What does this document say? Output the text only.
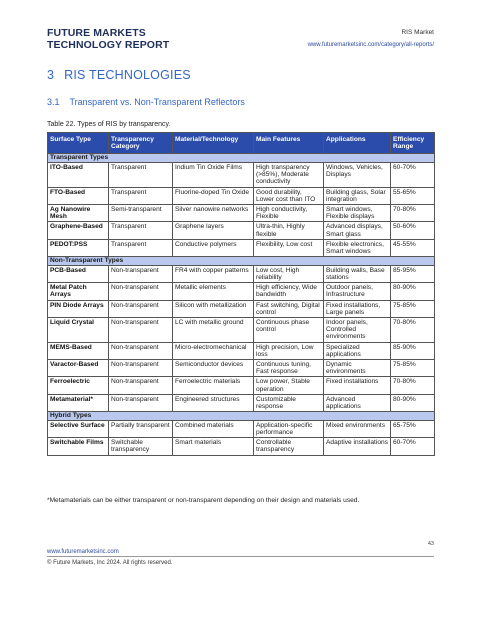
FUTURE MARKETS
TECHNOLOGY REPORT
RIS Market
www.futuremarketsinc.com/category/all-reports/
3 RIS TECHNOLOGIES
3.1 Transparent vs. Non-Transparent Reflectors
Table 22. Types of RIS by transparency.
Surface Type	Transparency Category	Material/Technology	Main Features	Applications	Efficiency Range
Transparent Types					
ITO-Based	Transparent	Indium Tin Oxide Films	High transparency (>85%), Moderate conductivity	Windows, Vehicles, Displays	60-70%
FTO-Based	Transparent	Fluorine-doped Tin Oxide	Good durability, Lower cost than ITO	Building glass, Solar integration	55-65%
Ag Nanowire Mesh	Semi-transparent	Silver nanowire networks	High conductivity, Flexible	Smart windows, Flexible displays	70-80%
Graphene-Based	Transparent	Graphene layers	Ultra-thin, Highly flexible	Advanced displays, Smart glass	50-60%
PEDOT:PSS	Transparent	Conductive polymers	Flexibility, Low cost	Flexible electronics, Smart windows	45-55%
Non-Transparent Types					
PCB-Based	Non-transparent	FR4 with copper patterns	Low cost, High reliability	Building walls, Base stations	85-95%
Metal Patch Arrays	Non-transparent	Metallic elements	High efficiency, Wide bandwidth	Outdoor panels, Infrastructure	80-90%
PIN Diode Arrays	Non-transparent	Silicon with metallization	Fast switching, Digital control	Fixed installations, Large panels	75-85%
Liquid Crystal	Non-transparent	LC with metallic ground	Continuous phase control	Indoor panels, Controlled environments	70-80%
MEMS-Based	Non-transparent	Micro-electromechanical	High precision, Low loss	Specialized applications	85-90%
Varactor-Based	Non-transparent	Semiconductor devices	Continuous tuning, Fast response	Dynamic environments	75-85%
Ferroelectric	Non-transparent	Ferroelectric materials	Low power, Stable operation	Fixed installations	70-80%
Metamaterial*	Non-transparent	Engineered structures	Customizable response	Advanced applications	80-90%
Hybrid Types					
Selective Surface	Partially transparent	Combined materials	Application-specific performance	Mixed environments	65-75%
Switchable Films	Switchable transparency	Smart materials	Controllable transparency	Adaptive installations	60-70%
*Metamaterials can be either transparent or non-transparent depending on their design and materials used.
43
www.futuremarketsinc.com
© Future Markets, Inc 2024. All rights reserved.
